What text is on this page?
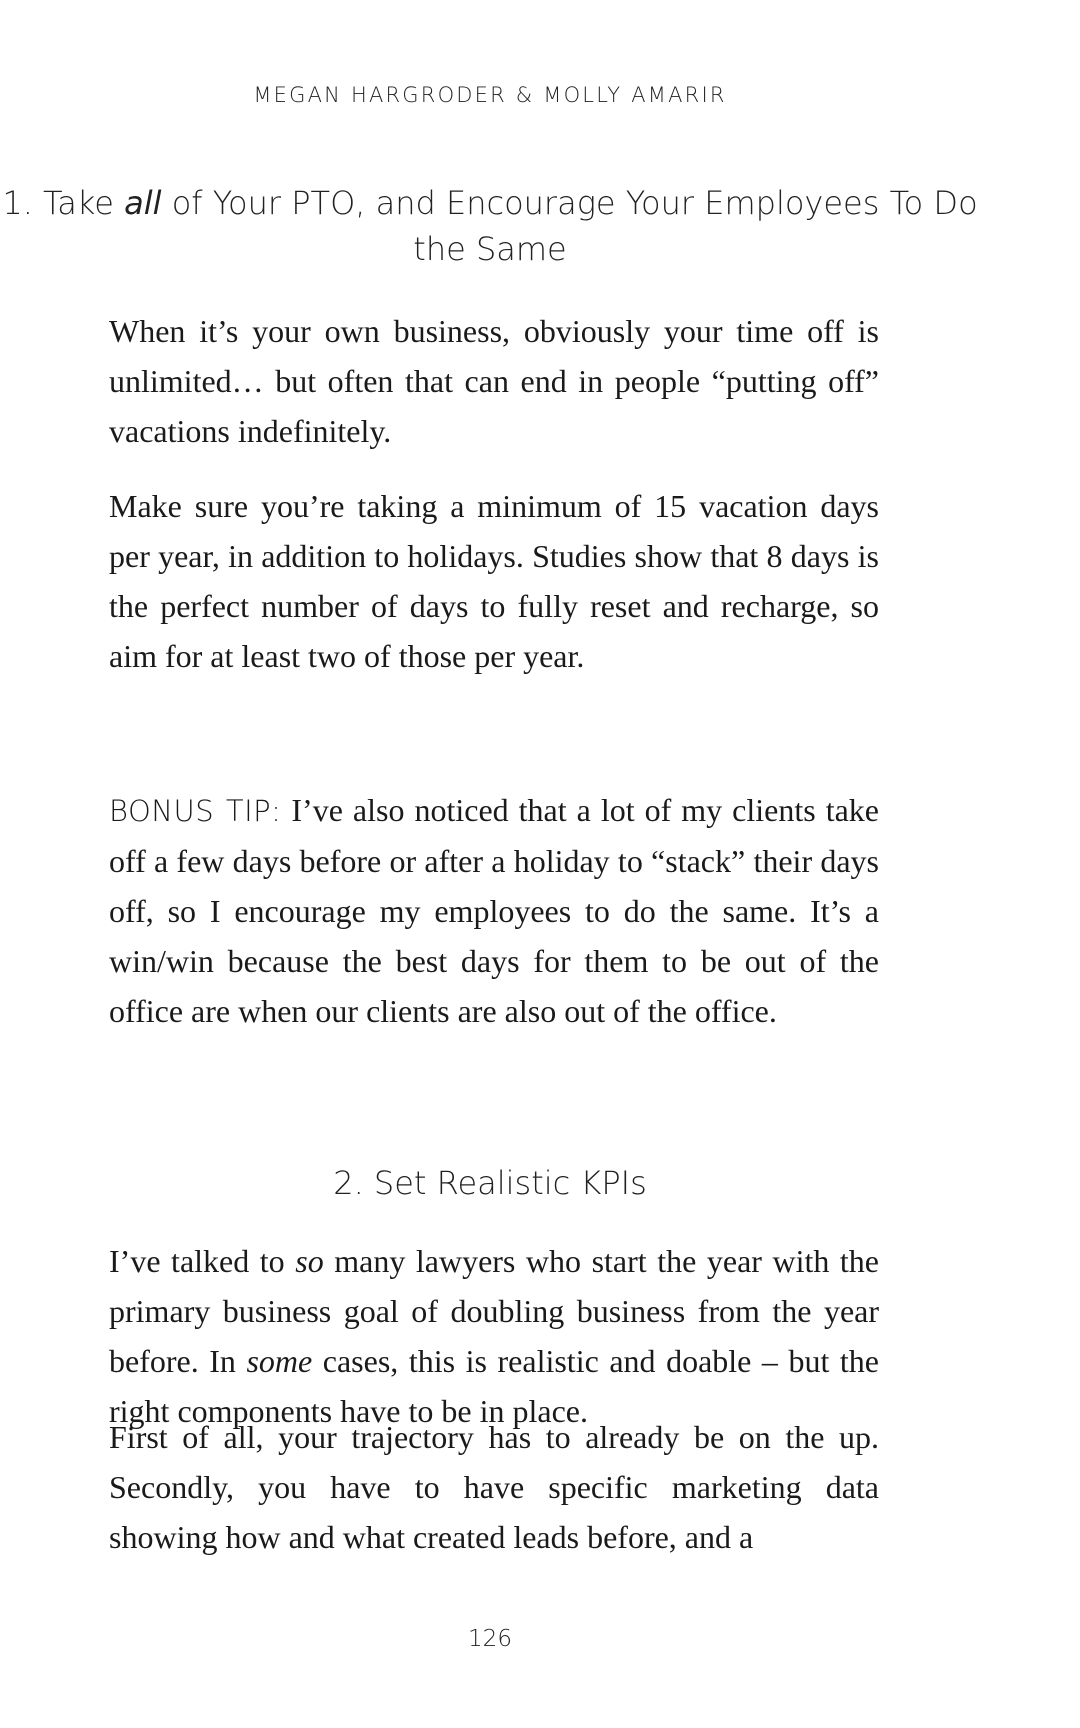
MEGAN HARGRODER & MOLLY AMARIR
1. Take all of Your PTO, and Encourage Your Employees To Do the Same
When it’s your own business, obviously your time off is unlimited… but often that can end in people “putting off” vacations indefinitely.
Make sure you’re taking a minimum of 15 vacation days per year, in addition to holidays. Studies show that 8 days is the perfect number of days to fully reset and recharge, so aim for at least two of those per year.
BONUS TIP: I’ve also noticed that a lot of my clients take off a few days before or after a holiday to “stack” their days off, so I encourage my employees to do the same. It’s a win/win because the best days for them to be out of the office are when our clients are also out of the office.
2. Set Realistic KPIs
I’ve talked to so many lawyers who start the year with the primary business goal of doubling business from the year before. In some cases, this is realistic and doable – but the right components have to be in place.
First of all, your trajectory has to already be on the up. Secondly, you have to have specific marketing data showing how and what created leads before, and a
126
